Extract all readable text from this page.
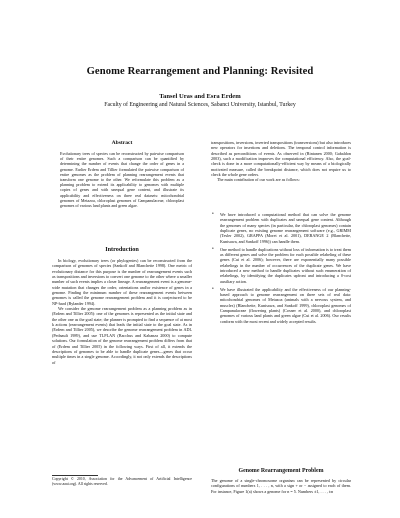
Genome Rearrangement and Planning: Revisited
Tansel Uras and Esra Erdem
Faculty of Engineering and Natural Sciences, Sabanci University, Istanbul, Turkey
Abstract
Evolutionary trees of species can be reconstructed by pairwise comparison of their entire genomes. Such a comparison can be quantified by determining the number of events that change the order of genes in a genome. Earlier Erdem and Tillier formulated the pairwise comparison of entire genomes as the problem of planning rearrangement events that transform one genome to the other. We reformulate this problem as a planning problem to extend its applicability to genomes with multiple copies of genes and with unequal gene content, and illustrate its applicability and effectiveness on three real datasets: mitochondrial genomes of Metazoa, chloroplast genomes of Campanulaceae, chloroplast genomes of various land plants and green algae.
Introduction

In biology, evolutionary trees (or phylogenies) can be reconstructed from the comparison of genomes of species (Sankoff and Blanchette 1998). One metric of evolutionary distance for this purpose is the number of rearrangement events such as transpositions and inversions to convert one genome to the other where a smaller number of such events implies a closer lineage. A rearrangement event is a genome-wide mutation that changes the order, orientations and/or existence of genes in a genome. Finding the minimum number of these rearrangement events between genomes is called the genome rearrangement problem and it is conjectured to be NP-hard (Bylander 1994).

We consider the genome rearrangement problem as a planning problem as in (Erdem and Tillier 2005): one of the genomes is represented as the initial state and the other one as the goal state; the planner is prompted to find a sequence of at most k actions (rearrangement events) that leads the initial state to the goal state. As in (Erdem and Tillier 2005), we describe the genome rearrangement problem in ADL (Pednault 1989), and use TLPLAN (Bacchus and Kabanza 2000) to compute solutions. Our formulation of the genome rearrangement problem differs from that of (Erdem and Tillier 2005) in the following ways. First of all, it extends the descriptions of genomes to be able to handle duplicate genes—genes that occur multiple times in a single genome. Accordingly, it not only extends the descriptions of

Copyright © 2010, Association for the Advancement of Artificial Intelligence (www.aaai.org). All rights reserved.

transpositions, inversions, inverted transpositions (transversions) but also introduces new operators for insertions and deletions. The temporal control information is described as preconditions of events. As observed in (Rintanen 2000; Gabaldon 2003), such a modification improves the computational efficiency. Also, the goal-check is done in a more computationally-efficient way by means of a biologically motivated measure, called the breakpoint distance, which does not require us to check the whole gene orders.

The main contribution of our work are as follows:

• We have introduced a computational method that can solve the genome rearrangement problem with duplicates and unequal gene content. Although the genomes of many species (in particular, the chloroplast genomes) contain duplicate genes, no existing genome rearrangement software (e.g., GRIMM (Tesler 2002), GRAPPA (Moret et al. 2001), DERANGE 2 (Blanchette, Kunisawa, and Sankoff 1996)) can handle them.
• One method to handle duplications without loss of information is to treat them as different genes and solve the problem for each possible relabeling of these genes (Cui et al. 2006); however, there are exponentially many possible relabelings in the number of occurrences of the duplicate genes. We have introduced a new method to handle duplicates without such enumeration of relabelings, by identifying the duplicates upfront and introducing a 0-cost auxiliary action.
• We have illustrated the applicability and the effectiveness of our planning-based approach to genome rearrangement on three sets of real data: mitochondrial genomes of Metazoa (animals with a nervous system, and muscles) (Blanchette, Kunisawa, and Sankoff 1999), chloroplast genomes of Campanulaceae (flowering plants) (Cosner et al. 2000), and chloroplast genomes of various land plants and green algae (Cui et al. 2006). Our results conform with the most recent and widely accepted results.
Genome Rearrangement Problem
The genome of a single-chromosome organism can be represented by circular configurations of numbers 1, . . . , n, with a sign + or − assigned to each of them. For instance, Figure 1(a) shows a genome for n = 5. Numbers ±1, . . . , ±n
